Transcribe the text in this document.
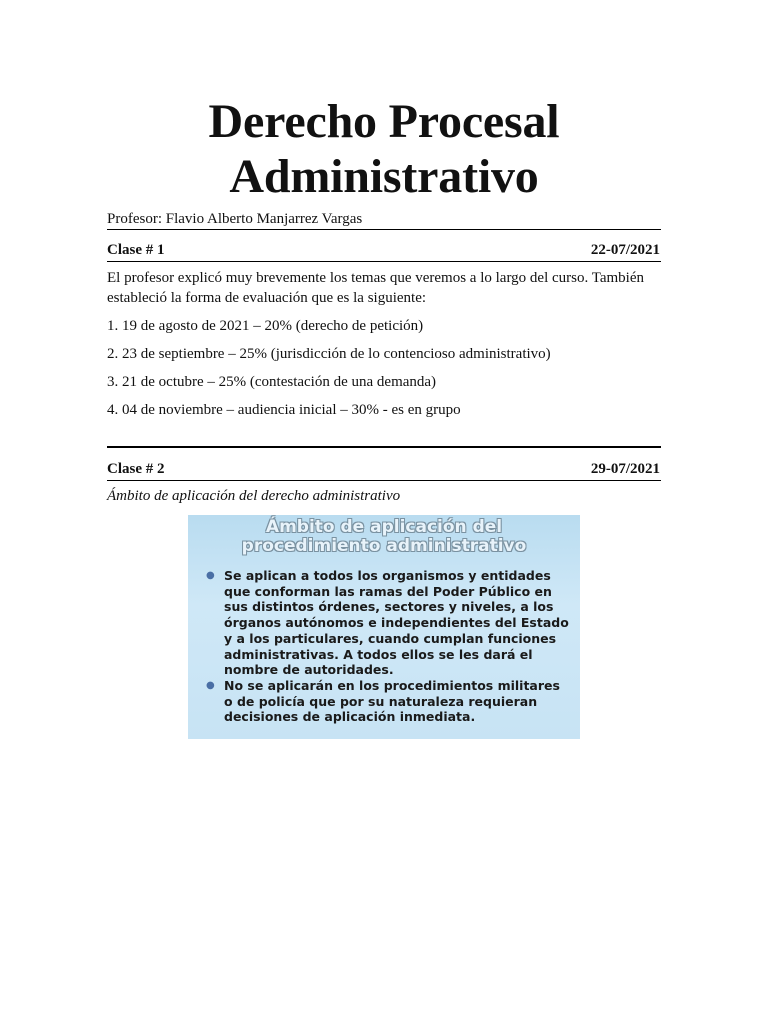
Derecho Procesal
Administrativo
Profesor: Flavio Alberto Manjarrez Vargas
Clase # 1	22-07/2021
El profesor explicó muy brevemente los temas que veremos a lo largo del curso. También estableció la forma de evaluación que es la siguiente:
1. 19 de agosto de 2021 – 20% (derecho de petición)
2. 23 de septiembre – 25% (jurisdicción de lo contencioso administrativo)
3. 21 de octubre – 25% (contestación de una demanda)
4. 04 de noviembre – audiencia inicial – 30% - es en grupo
Clase # 2	29-07/2021
Ámbito de aplicación del derecho administrativo
Ámbito de aplicación del
procedimiento administrativo
● Se aplican a todos los organismos y entidades que conforman las ramas del Poder Público en sus distintos órdenes, sectores y niveles, a los órganos autónomos e independientes del Estado y a los particulares, cuando cumplan funciones administrativas. A todos ellos se les dará el nombre de autoridades.
● No se aplicarán en los procedimientos militares o de policía que por su naturaleza requieran decisiones de aplicación inmediata.
